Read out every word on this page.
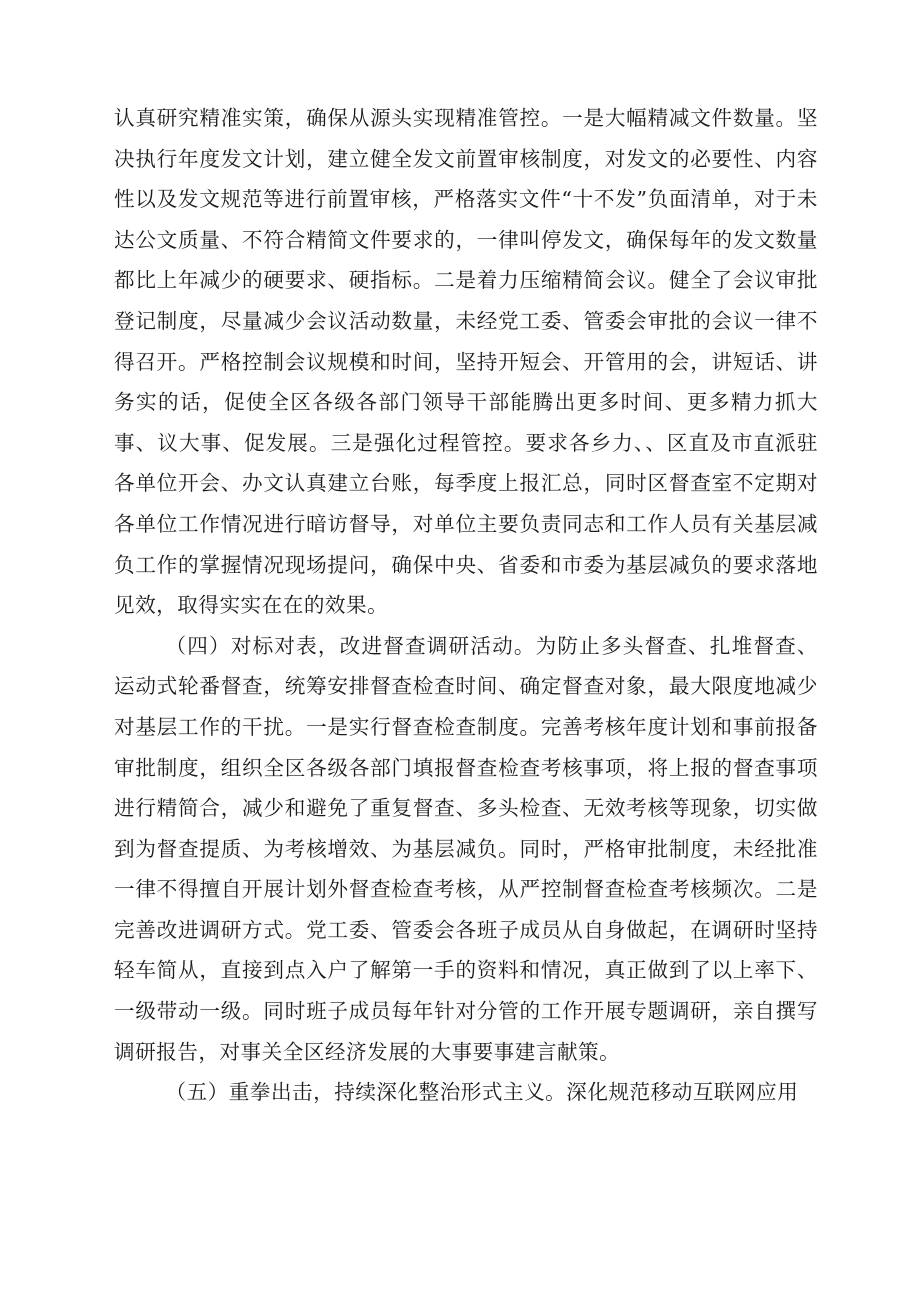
认真研究精准实策，确保从源头实现精准管控。一是大幅精减文件数量。坚决执行年度发文计划，建立健全发文前置审核制度，对发文的必要性、内容性以及发文规范等进行前置审核，严格落实文件“十不发”负面清单，对于未达公文质量、不符合精简文件要求的，一律叫停发文，确保每年的发文数量都比上年减少的硬要求、硬指标。二是着力压缩精简会议。健全了会议审批登记制度，尽量减少会议活动数量，未经党工委、管委会审批的会议一律不得召开。严格控制会议规模和时间，坚持开短会、开管用的会，讲短话、讲务实的话，促使全区各级各部门领导干部能腾出更多时间、更多精力抓大事、议大事、促发展。三是强化过程管控。要求各乡力、、区直及市直派驻各单位开会、办文认真建立台账，每季度上报汇总，同时区督查室不定期对各单位工作情况进行暗访督导，对单位主要负责同志和工作人员有关基层减负工作的掌握情况现场提问，确保中央、省委和市委为基层减负的要求落地见效，取得实实在在的效果。

（四）对标对表，改进督查调研活动。为防止多头督查、扎堆督查、运动式轮番督查，统筹安排督查检查时间、确定督查对象，最大限度地减少对基层工作的干扰。一是实行督查检查制度。完善考核年度计划和事前报备审批制度，组织全区各级各部门填报督查检查考核事项，将上报的督查事项进行精简合，减少和避免了重复督查、多头检查、无效考核等现象，切实做到为督查提质、为考核增效、为基层减负。同时，严格审批制度，未经批准一律不得擅自开展计划外督查检查考核，从严控制督查检查考核频次。二是完善改进调研方式。党工委、管委会各班子成员从自身做起，在调研时坚持轻车简从，直接到点入户了解第一手的资料和情况，真正做到了以上率下、一级带动一级。同时班子成员每年针对分管的工作开展专题调研，亲自撰写调研报告，对事关全区经济发展的大事要事建言献策。

（五）重拳出击，持续深化整治形式主义。深化规范移动互联网应用
